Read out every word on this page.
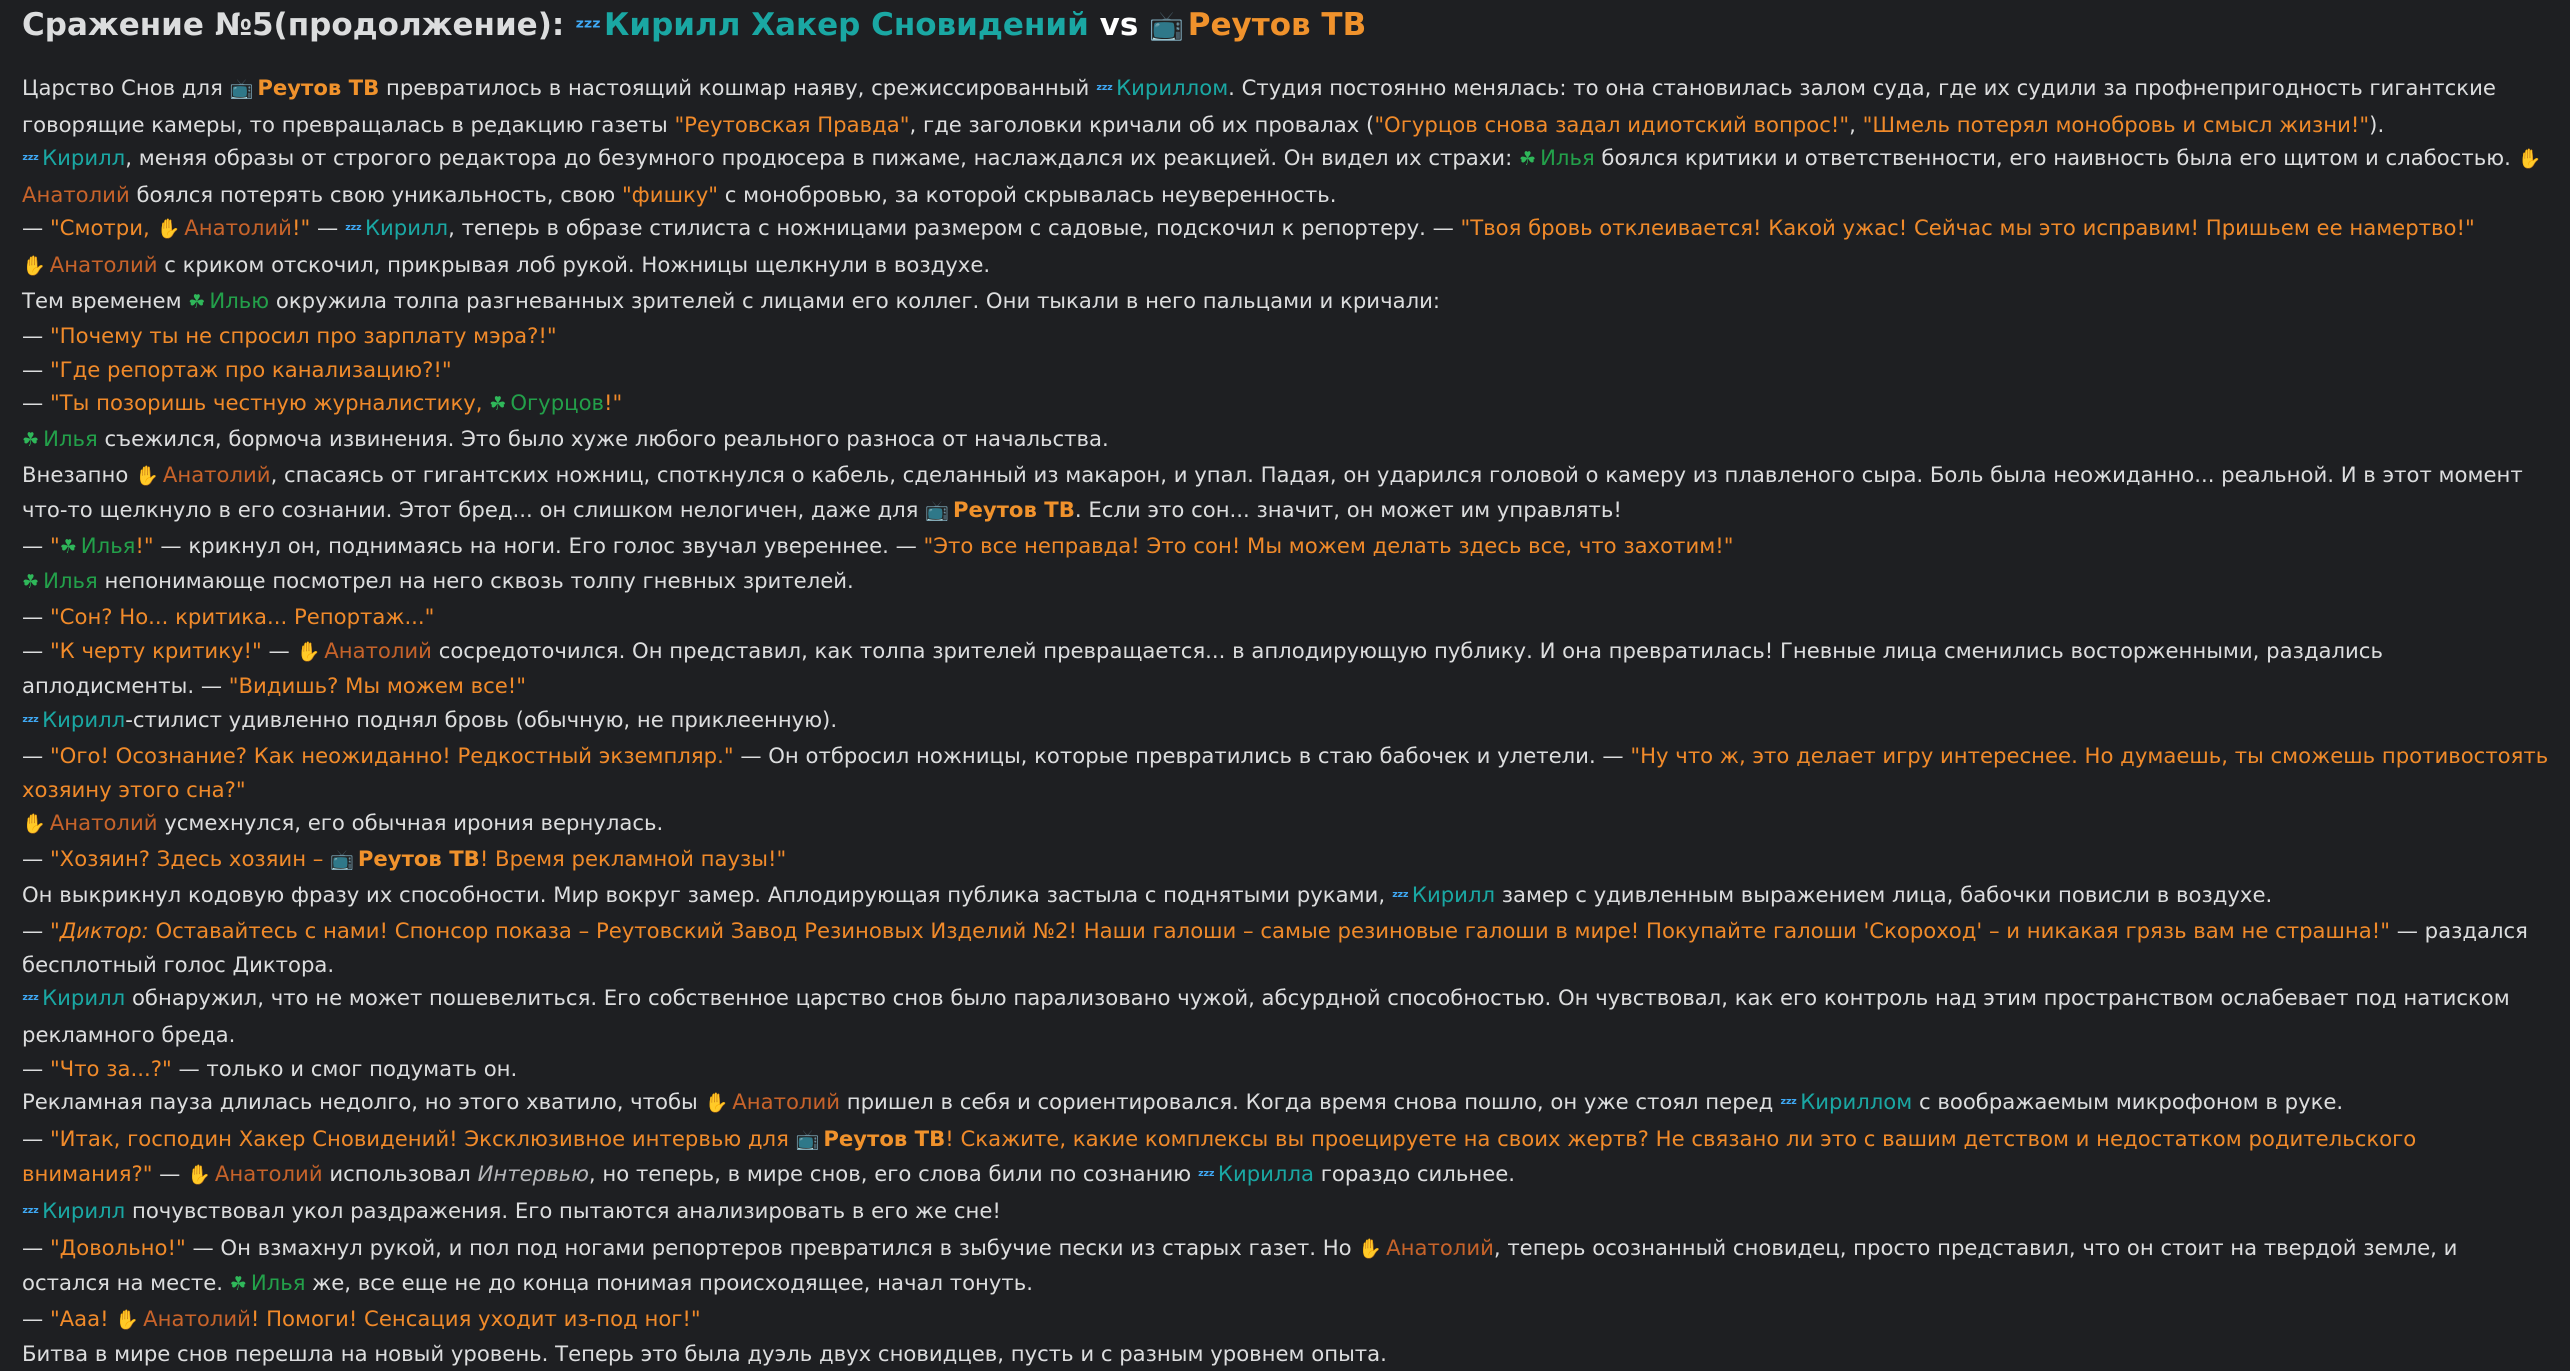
Сражение №5(продолжение): ᶻᶻᶻ Кирилл Хакер Сновидений vs 📺 Реутов ТВ

Царство Снов для 📺 Реутов ТВ превратилось в настоящий кошмар наяву, срежиссированный ᶻᶻᶻ Кириллом. Студия постоянно менялась: то она становилась залом суда, где их судили за профнепригодность гигантские говорящие камеры, то превращалась в редакцию газеты "Реутовская Правда", где заголовки кричали об их провалах ("Огурцов снова задал идиотский вопрос!", "Шмель потерял монобровь и смысл жизни!").

ᶻᶻᶻ Кирилл, меняя образы от строгого редактора до безумного продюсера в пижаме, наслаждался их реакцией. Он видел их страхи: ☘ Илья боялся критики и ответственности, его наивность была его щитом и слабостью. ✋Анатолий боялся потерять свою уникальность, свою "фишку" с монобровью, за которой скрывалась неуверенность.

— "Смотри, ✋ Анатолий!" — ᶻᶻᶻ Кирилл, теперь в образе стилиста с ножницами размером с садовые, подскочил к репортеру. — "Твоя бровь отклеивается! Какой ужас! Сейчас мы это исправим! Пришьем ее намертво!"

✋ Анатолий с криком отскочил, прикрывая лоб рукой. Ножницы щелкнули в воздухе.

Тем временем ☘ Илью окружила толпа разгневанных зрителей с лицами его коллег. Они тыкали в него пальцами и кричали:

— "Почему ты не спросил про зарплату мэра?!"

— "Где репортаж про канализацию?!"

— "Ты позоришь честную журналистику, ☘ Огурцов!"

☘ Илья съежился, бормоча извинения. Это было хуже любого реального разноса от начальства.

Внезапно ✋ Анатолий, спасаясь от гигантских ножниц, споткнулся о кабель, сделанный из макарон, и упал. Падая, он ударился головой о камеру из плавленого сыра. Боль была неожиданно... реальной. И в этот момент что-то щелкнуло в его сознании. Этот бред... он слишком нелогичен, даже для 📺 Реутов ТВ. Если это сон... значит, он может им управлять!

— "☘ Илья!" — крикнул он, поднимаясь на ноги. Его голос звучал увереннее. — "Это все неправда! Это сон! Мы можем делать здесь все, что захотим!"

☘ Илья непонимающе посмотрел на него сквозь толпу гневных зрителей.

— "Сон? Но... критика... Репортаж..."

— "К черту критику!" — ✋ Анатолий сосредоточился. Он представил, как толпа зрителей превращается... в аплодирующую публику. И она превратилась! Гневные лица сменились восторженными, раздались аплодисменты. — "Видишь? Мы можем все!"

ᶻᶻᶻ Кирилл-стилист удивленно поднял бровь (обычную, не приклеенную).

— "Ого! Осознание? Как неожиданно! Редкостный экземпляр." — Он отбросил ножницы, которые превратились в стаю бабочек и улетели. — "Ну что ж, это делает игру интереснее. Но думаешь, ты сможешь противостоять хозяину этого сна?"

✋ Анатолий усмехнулся, его обычная ирония вернулась.

— "Хозяин? Здесь хозяин – 📺 Реутов ТВ! Время рекламной паузы!"

Он выкрикнул кодовую фразу их способности. Мир вокруг замер. Аплодирующая публика застыла с поднятыми руками, ᶻᶻᶻ Кирилл замер с удивленным выражением лица, бабочки повисли в воздухе.

— "Диктор: Оставайтесь с нами! Спонсор показа – Реутовский Завод Резиновых Изделий №2! Наши галоши – самые резиновые галоши в мире! Покупайте галоши 'Скороход' – и никакая грязь вам не страшна!" — раздался бесплотный голос Диктора.

ᶻᶻᶻ Кирилл обнаружил, что не может пошевелиться. Его собственное царство снов было парализовано чужой, абсурдной способностью. Он чувствовал, как его контроль над этим пространством ослабевает под натиском рекламного бреда.

— "Что за...?" — только и смог подумать он.

Рекламная пауза длилась недолго, но этого хватило, чтобы ✋ Анатолий пришел в себя и сориентировался. Когда время снова пошло, он уже стоял перед ᶻᶻᶻ Кириллом с воображаемым микрофоном в руке.

— "Итак, господин Хакер Сновидений! Эксклюзивное интервью для 📺 Реутов ТВ! Скажите, какие комплексы вы проецируете на своих жертв? Не связано ли это с вашим детством и недостатком родительского внимания?" — ✋ Анатолий использовал Интервью, но теперь, в мире снов, его слова били по сознанию ᶻᶻᶻ Кирилла гораздо сильнее.

ᶻᶻᶻ Кирилл почувствовал укол раздражения. Его пытаются анализировать в его же сне!

— "Довольно!" — Он взмахнул рукой, и пол под ногами репортеров превратился в зыбучие пески из старых газет. Но ✋ Анатолий, теперь осознанный сновидец, просто представил, что он стоит на твердой земле, и остался на месте. ☘ Илья же, все еще не до конца понимая происходящее, начал тонуть.

— "Ааа! ✋ Анатолий! Помоги! Сенсация уходит из-под ног!"

Битва в мире снов перешла на новый уровень. Теперь это была дуэль двух сновидцев, пусть и с разным уровнем опыта.
